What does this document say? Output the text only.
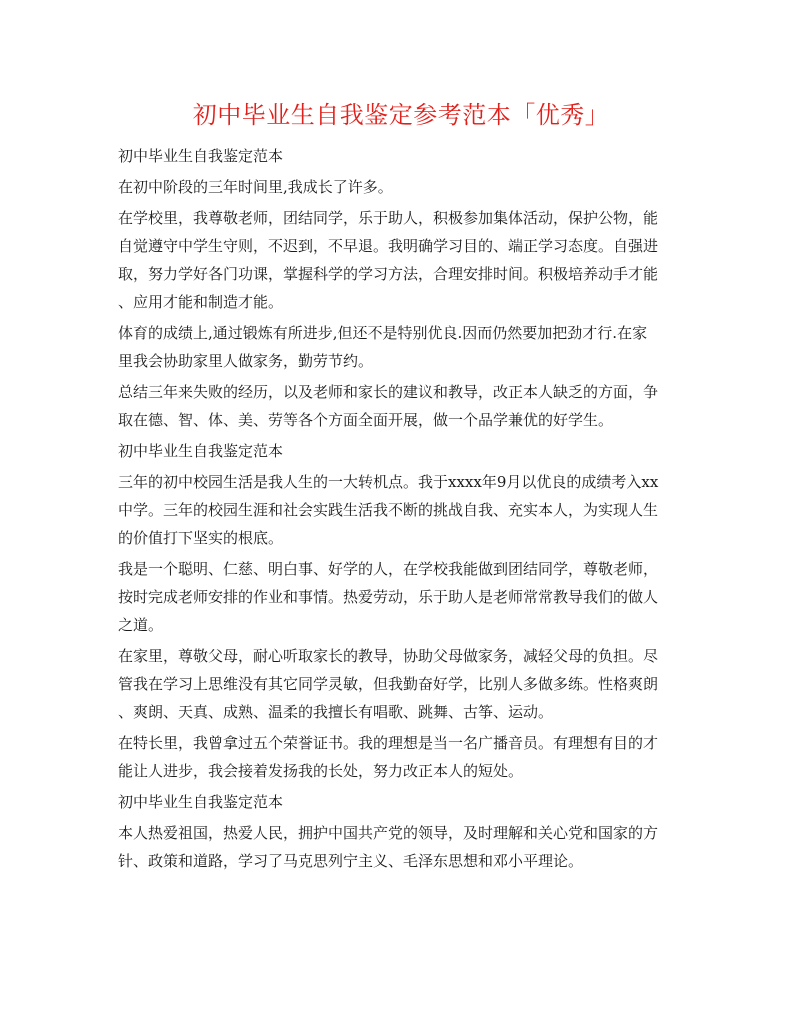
初中毕业生自我鉴定参考范本「优秀」

初中毕业生自我鉴定范本

在初中阶段的三年时间里,我成长了许多。

在学校里，我尊敬老师，团结同学，乐于助人，积极参加集体活动，保护公物，能

自觉遵守中学生守则，不迟到，不早退。我明确学习目的、端正学习态度。自强进

取，努力学好各门功课，掌握科学的学习方法，合理安排时间。积极培养动手才能

、应用才能和制造才能。

体育的成绩上,通过锻炼有所进步,但还不是特别优良.因而仍然要加把劲才行.在家

里我会协助家里人做家务，勤劳节约。

总结三年来失败的经历，以及老师和家长的建议和教导，改正本人缺乏的方面，争

取在德、智、体、美、劳等各个方面全面开展，做一个品学兼优的好学生。

初中毕业生自我鉴定范本

三年的初中校园生活是我人生的一大转机点。我于xxxx年9月以优良的成绩考入xx

中学。三年的校园生涯和社会实践生活我不断的挑战自我、充实本人，为实现人生

的价值打下坚实的根底。

我是一个聪明、仁慈、明白事、好学的人，在学校我能做到团结同学，尊敬老师，

按时完成老师安排的作业和事情。热爱劳动，乐于助人是老师常常教导我们的做人

之道。

在家里，尊敬父母，耐心听取家长的教导，协助父母做家务，减轻父母的负担。尽

管我在学习上思维没有其它同学灵敏，但我勤奋好学，比别人多做多练。性格爽朗

、爽朗、天真、成熟、温柔的我擅长有唱歌、跳舞、古筝、运动。

在特长里，我曾拿过五个荣誉证书。我的理想是当一名广播音员。有理想有目的才

能让人进步，我会接着发扬我的长处，努力改正本人的短处。

初中毕业生自我鉴定范本

本人热爱祖国，热爱人民，拥护中国共产党的领导，及时理解和关心党和国家的方

针、政策和道路，学习了马克思列宁主义、毛泽东思想和邓小平理论。
